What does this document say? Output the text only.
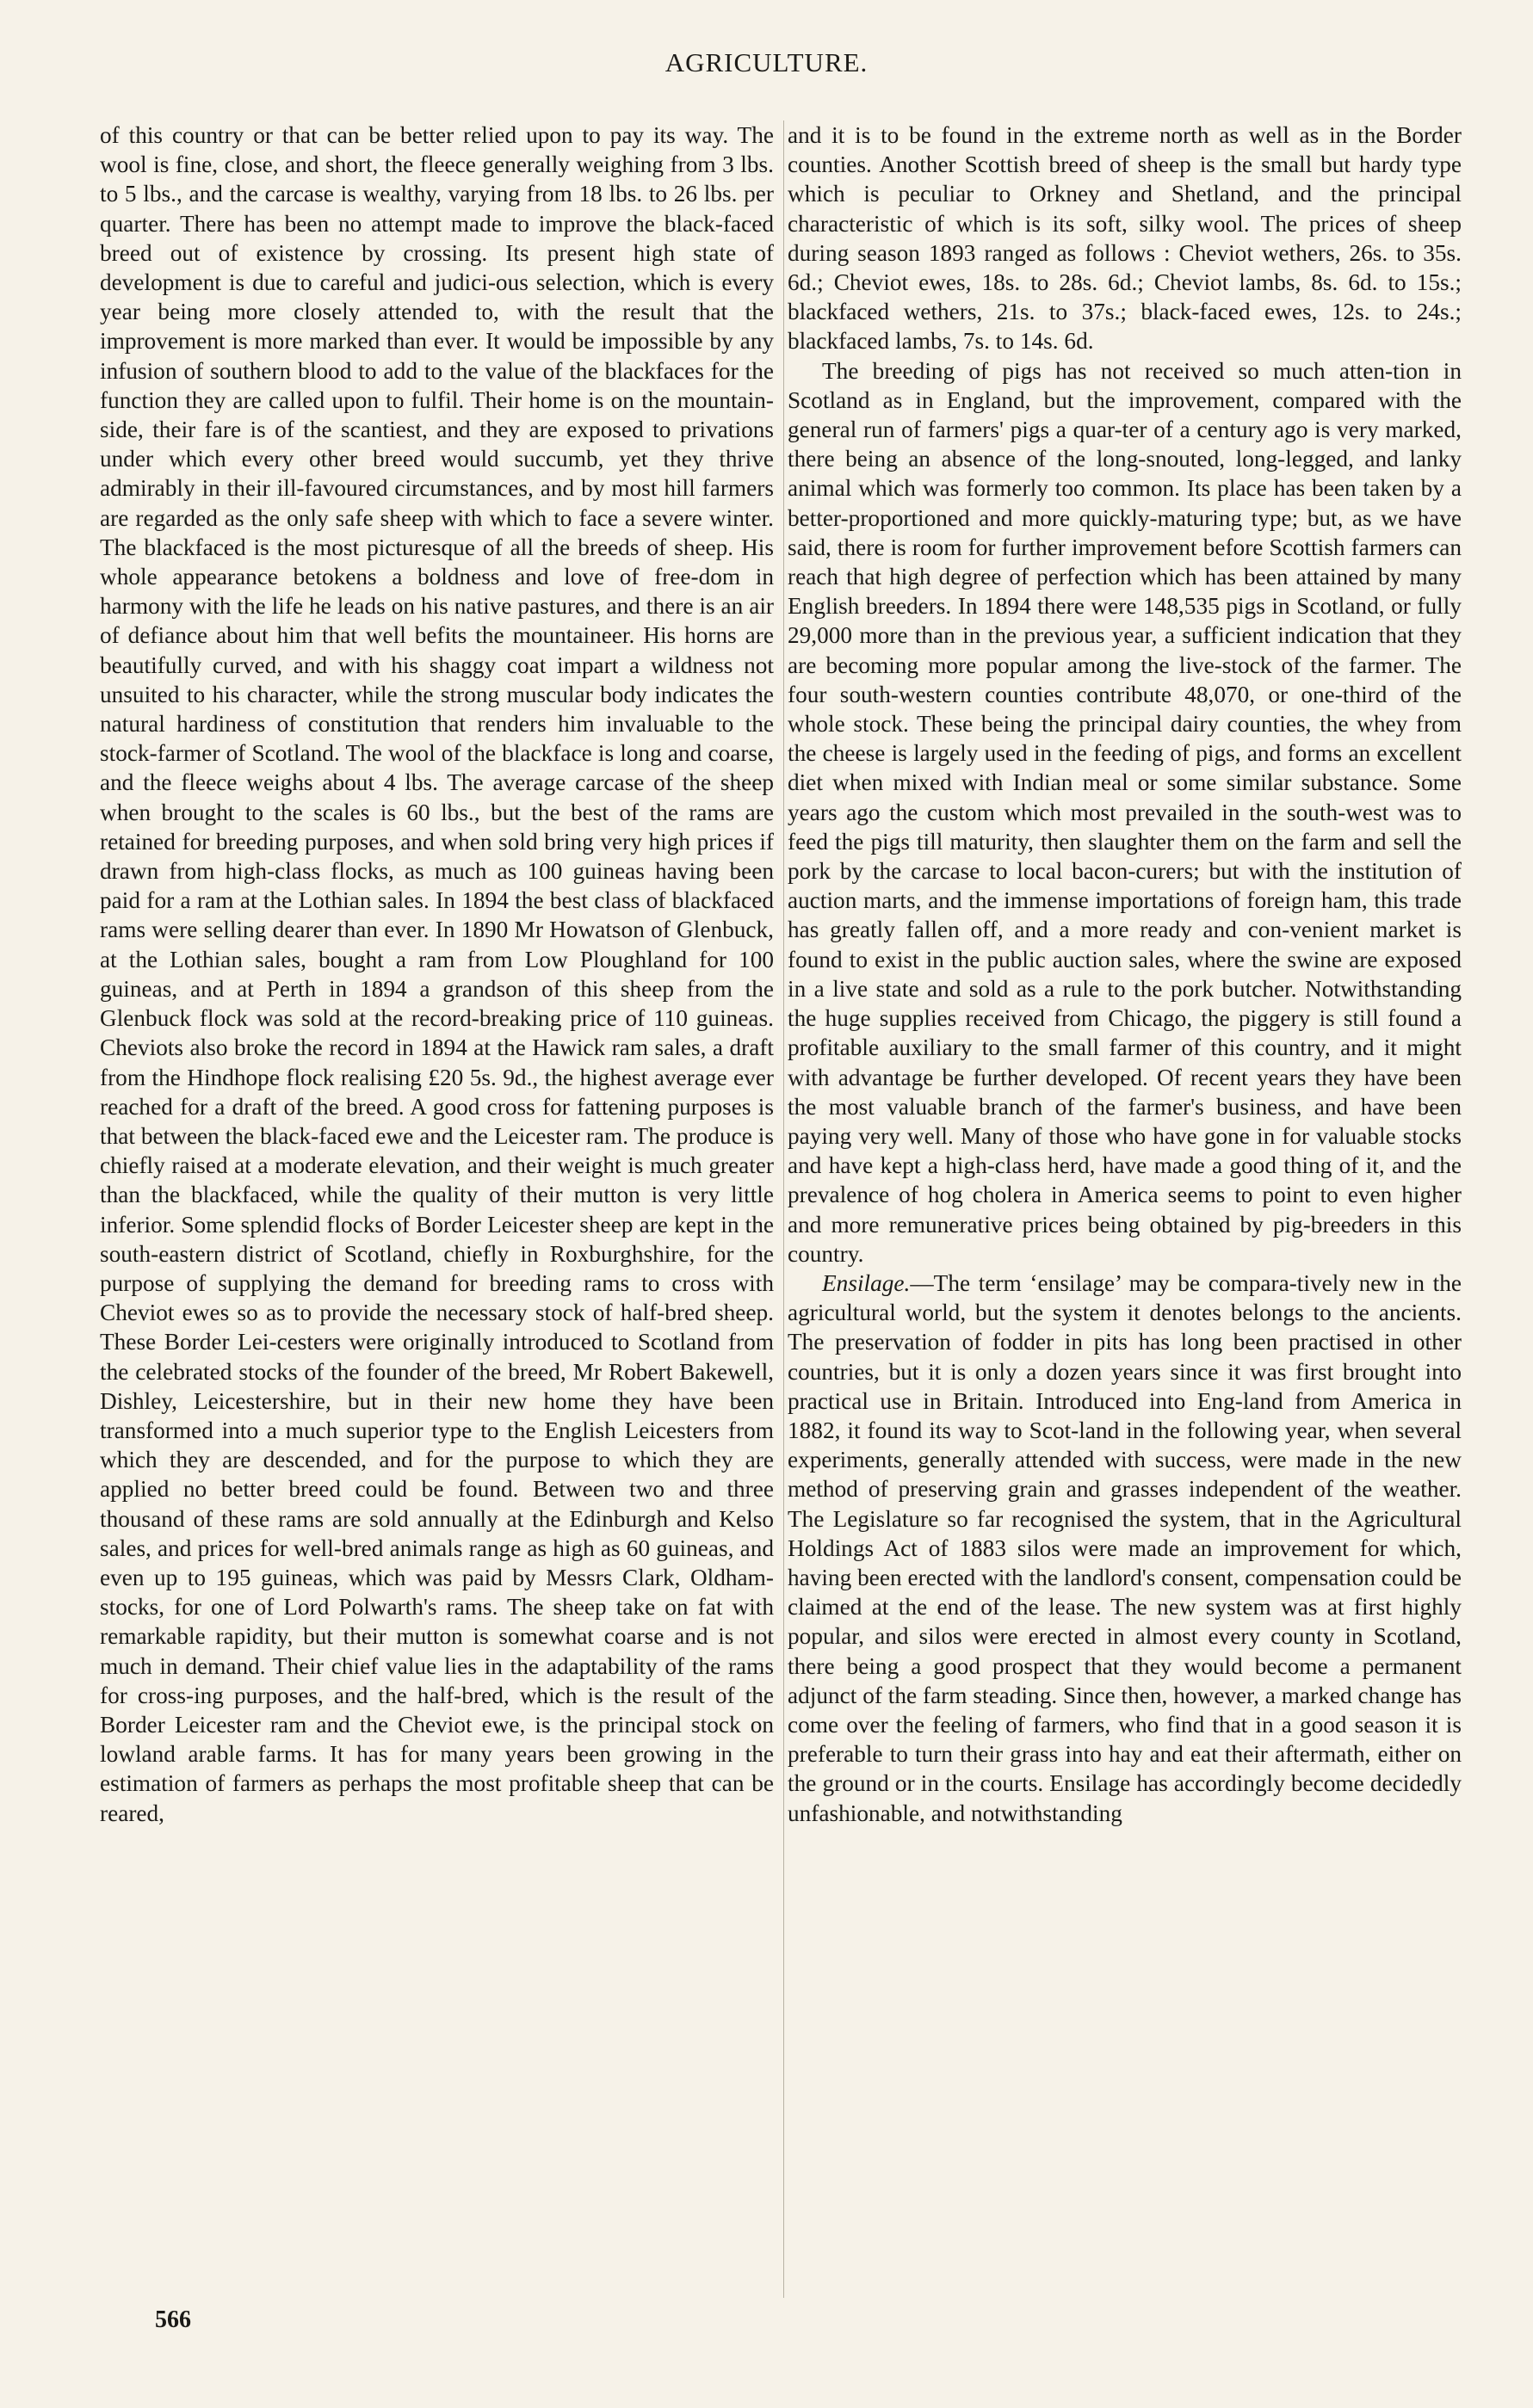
AGRICULTURE.

of this country or that can be better relied upon to pay its way. The wool is fine, close, and short, the fleece generally weighing from 3 lbs. to 5 lbs., and the carcase is wealthy, varying from 18 lbs. to 26 lbs. per quarter. There has been no attempt made to improve the black-faced breed out of existence by crossing. Its present high state of development is due to careful and judici-ous selection, which is every year being more closely attended to, with the result that the improvement is more marked than ever. It would be impossible by any infusion of southern blood to add to the value of the blackfaces for the function they are called upon to fulfil. Their home is on the mountain-side, their fare is of the scantiest, and they are exposed to privations under which every other breed would succumb, yet they thrive admirably in their ill-favoured circumstances, and by most hill farmers are regarded as the only safe sheep with which to face a severe winter. The blackfaced is the most picturesque of all the breeds of sheep. His whole appearance betokens a boldness and love of free-dom in harmony with the life he leads on his native pastures, and there is an air of defiance about him that well befits the mountaineer. His horns are beautifully curved, and with his shaggy coat impart a wildness not unsuited to his character, while the strong muscular body indicates the natural hardiness of constitution that renders him invaluable to the stock-farmer of Scotland. The wool of the blackface is long and coarse, and the fleece weighs about 4 lbs. The average carcase of the sheep when brought to the scales is 60 lbs., but the best of the rams are retained for breeding purposes, and when sold bring very high prices if drawn from high-class flocks, as much as 100 guineas having been paid for a ram at the Lothian sales. In 1894 the best class of blackfaced rams were selling dearer than ever. In 1890 Mr Howatson of Glenbuck, at the Lothian sales, bought a ram from Low Ploughland for 100 guineas, and at Perth in 1894 a grandson of this sheep from the Glenbuck flock was sold at the record-breaking price of 110 guineas. Cheviots also broke the record in 1894 at the Hawick ram sales, a draft from the Hindhope flock realising £20 5s. 9d., the highest average ever reached for a draft of the breed. A good cross for fattening purposes is that between the black-faced ewe and the Leicester ram. The produce is chiefly raised at a moderate elevation, and their weight is much greater than the blackfaced, while the quality of their mutton is very little inferior. Some splendid flocks of Border Leicester sheep are kept in the south-eastern district of Scotland, chiefly in Roxburghshire, for the purpose of supplying the demand for breeding rams to cross with Cheviot ewes so as to provide the necessary stock of half-bred sheep. These Border Lei-cesters were originally introduced to Scotland from the celebrated stocks of the founder of the breed, Mr Robert Bakewell, Dishley, Leicestershire, but in their new home they have been transformed into a much superior type to the English Leicesters from which they are descended, and for the purpose to which they are applied no better breed could be found. Between two and three thousand of these rams are sold annually at the Edinburgh and Kelso sales, and prices for well-bred animals range as high as 60 guineas, and even up to 195 guineas, which was paid by Messrs Clark, Oldham-stocks, for one of Lord Polwarth's rams. The sheep take on fat with remarkable rapidity, but their mutton is somewhat coarse and is not much in demand. Their chief value lies in the adaptability of the rams for cross-ing purposes, and the half-bred, which is the result of the Border Leicester ram and the Cheviot ewe, is the principal stock on lowland arable farms. It has for many years been growing in the estimation of farmers as perhaps the most profitable sheep that can be reared,

and it is to be found in the extreme north as well as in the Border counties. Another Scottish breed of sheep is the small but hardy type which is peculiar to Orkney and Shetland, and the principal characteristic of which is its soft, silky wool. The prices of sheep during season 1893 ranged as follows : Cheviot wethers, 26s. to 35s. 6d.; Cheviot ewes, 18s. to 28s. 6d.; Cheviot lambs, 8s. 6d. to 15s.; blackfaced wethers, 21s. to 37s.; black-faced ewes, 12s. to 24s.; blackfaced lambs, 7s. to 14s. 6d.

The breeding of pigs has not received so much atten-tion in Scotland as in England, but the improvement, compared with the general run of farmers' pigs a quar-ter of a century ago is very marked, there being an absence of the long-snouted, long-legged, and lanky animal which was formerly too common. Its place has been taken by a better-proportioned and more quickly-maturing type; but, as we have said, there is room for further improvement before Scottish farmers can reach that high degree of perfection which has been attained by many English breeders. In 1894 there were 148,535 pigs in Scotland, or fully 29,000 more than in the previous year, a sufficient indication that they are becoming more popular among the live-stock of the farmer. The four south-western counties contribute 48,070, or one-third of the whole stock. These being the principal dairy counties, the whey from the cheese is largely used in the feeding of pigs, and forms an excellent diet when mixed with Indian meal or some similar substance. Some years ago the custom which most prevailed in the south-west was to feed the pigs till maturity, then slaughter them on the farm and sell the pork by the carcase to local bacon-curers; but with the institution of auction marts, and the immense importations of foreign ham, this trade has greatly fallen off, and a more ready and con-venient market is found to exist in the public auction sales, where the swine are exposed in a live state and sold as a rule to the pork butcher. Notwithstanding the huge supplies received from Chicago, the piggery is still found a profitable auxiliary to the small farmer of this country, and it might with advantage be further developed. Of recent years they have been the most valuable branch of the farmer's business, and have been paying very well. Many of those who have gone in for valuable stocks and have kept a high-class herd, have made a good thing of it, and the prevalence of hog cholera in America seems to point to even higher and more remunerative prices being obtained by pig-breeders in this country.

Ensilage.—The term ‘ensilage’ may be compara-tively new in the agricultural world, but the system it denotes belongs to the ancients. The preservation of fodder in pits has long been practised in other countries, but it is only a dozen years since it was first brought into practical use in Britain. Introduced into Eng-land from America in 1882, it found its way to Scot-land in the following year, when several experiments, generally attended with success, were made in the new method of preserving grain and grasses independent of the weather. The Legislature so far recognised the system, that in the Agricultural Holdings Act of 1883 silos were made an improvement for which, having been erected with the landlord's consent, compensation could be claimed at the end of the lease. The new system was at first highly popular, and silos were erected in almost every county in Scotland, there being a good prospect that they would become a permanent adjunct of the farm steading. Since then, however, a marked change has come over the feeling of farmers, who find that in a good season it is preferable to turn their grass into hay and eat their aftermath, either on the ground or in the courts. Ensilage has accordingly become decidedly unfashionable, and notwithstanding

566
